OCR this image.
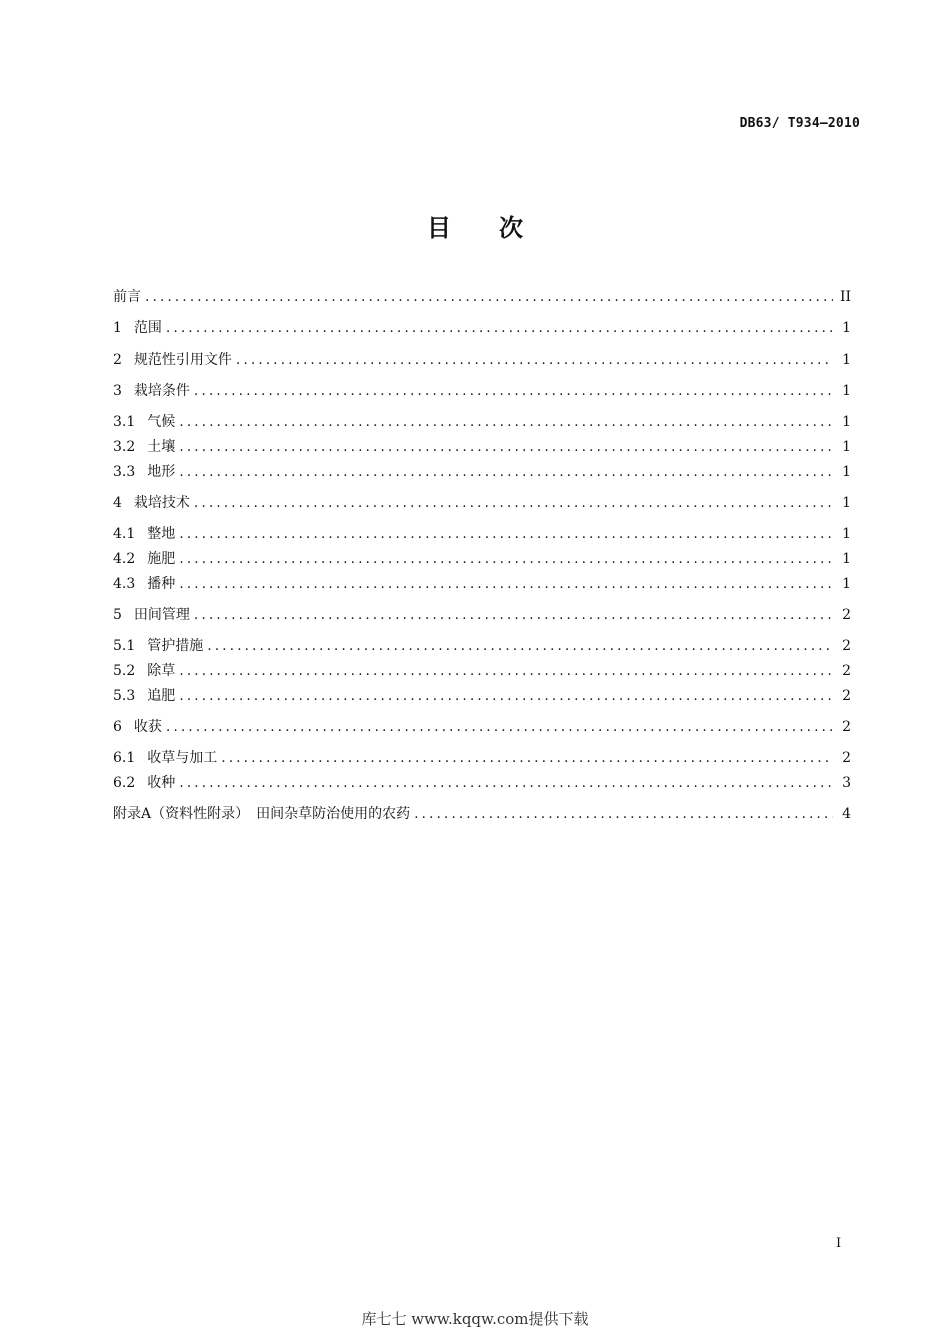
DB63/ T934—2010
目 次
前言 .....	II
1 范围 .....	1
2 规范性引用文件 .....	1
3 栽培条件 .....	1
3.1 气候 .....	1
3.2 土壤 .....	1
3.3 地形 .....	1
4 栽培技术 .....	1
4.1 整地 .....	1
4.2 施肥 .....	1
4.3 播种 .....	1
5 田间管理 .....	2
5.1 管护措施 .....	2
5.2 除草 .....	2
5.3 追肥 .....	2
6 收获 .....	2
6.1 收草与加工 .....	2
6.2 收种 .....	3
附录A（资料性附录）　田间杂草防治使用的农药 .....	4
I
库七七 www.kqqw.com提供下载
